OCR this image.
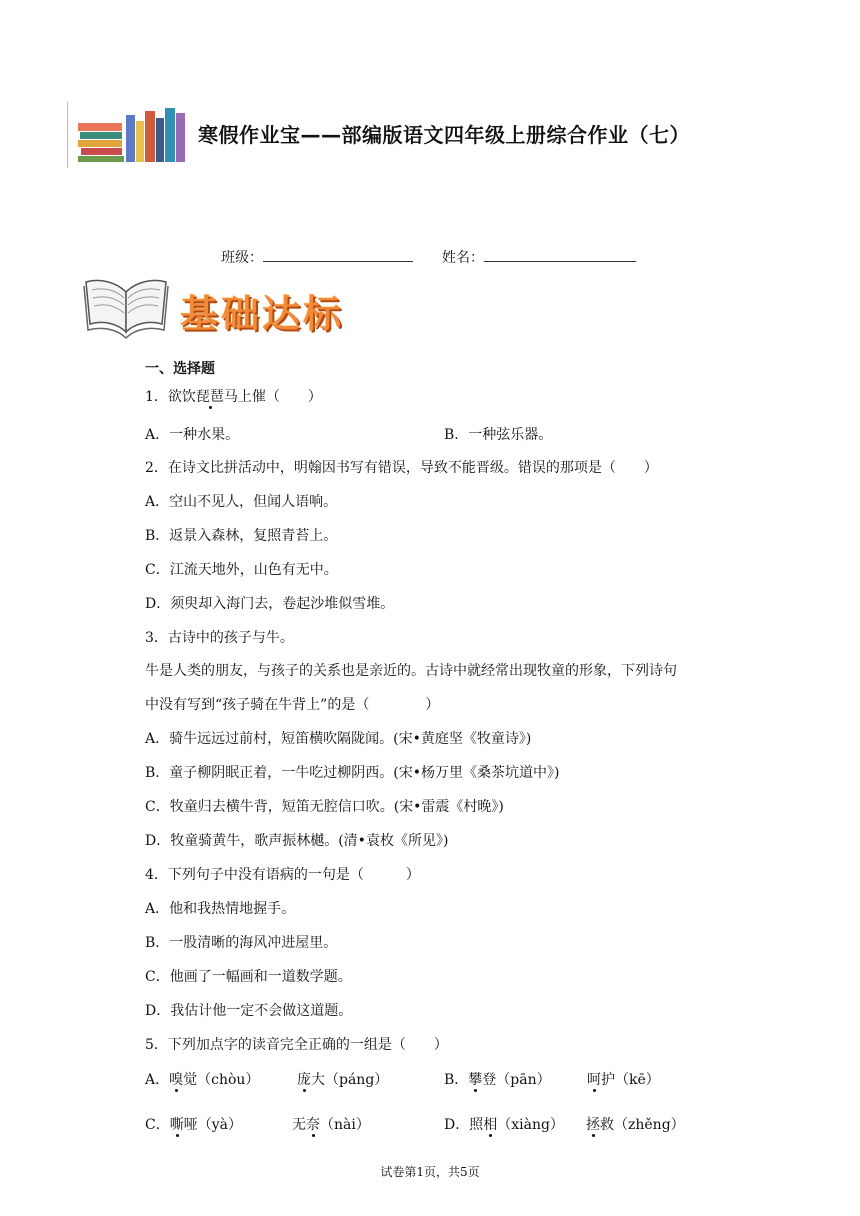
寒假作业宝——部编版语文四年级上册综合作业（七）
班级：	姓名：
基础达标
一、选择题
1．欲饮琵琶马上催（　　）
A．一种水果。	B．一种弦乐器。
2．在诗文比拼活动中，明翰因书写有错误，导致不能晋级。错误的那项是（　　）
A．空山不见人，但闻人语响。
B．返景入森林，复照青苔上。
C．江流天地外，山色有无中。
D．须臾却入海门去，卷起沙堆似雪堆。
3．古诗中的孩子与牛。
牛是人类的朋友，与孩子的关系也是亲近的。古诗中就经常出现牧童的形象，下列诗句
中没有写到“孩子骑在牛背上”的是（　　　　）
A．骑牛远远过前村，短笛横吹隔陇闻。(宋•黄庭坚《牧童诗》)
B．童子柳阴眠正着，一牛吃过柳阴西。(宋•杨万里《桑茶坑道中》)
C．牧童归去横牛背，短笛无腔信口吹。(宋•雷震《村晚》)
D．牧童骑黄牛，歌声振林樾。(清•袁枚《所见》)
4．下列句子中没有语病的一句是（　　　）
A．他和我热情地握手。
B．一股清晰的海风冲进屋里。
C．他画了一幅画和一道数学题。
D．我估计他一定不会做这道题。
5．下列加点字的读音完全正确的一组是（　　）
A．嗅觉（chòu）	庞大（páng）	B．攀登（pān）	呵护（kē）
C．嘶哑（yà）	无奈（nài）	D．照相（xiàng） 拯救（zhěng）
试卷第1页，共5页
